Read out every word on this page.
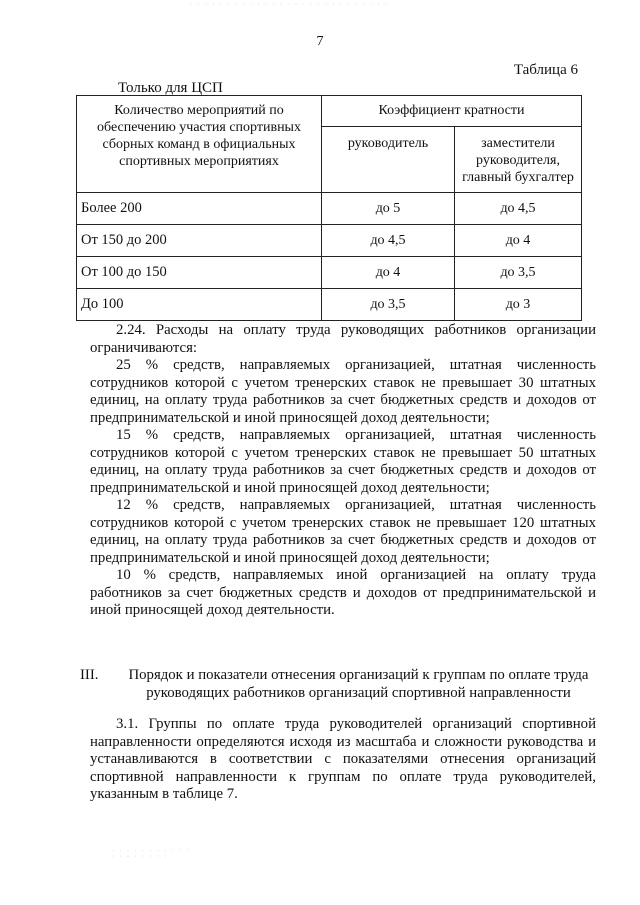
· · · · · · · · · · · · · · · · · · · · · · · · · · ·
7
Таблица 6
Только для ЦСП
Количество мероприятий по обеспечению участия спортивных сборных команд в официальных спортивных мероприятиях	Коэффициент кратности	
	руководитель	заместители руководителя, главный бухгалтер
Более 200	до 5	до 4,5
От 150 до 200	до 4,5	до 4
От 100 до 150	до 4	до 3,5
До 100	до 3,5	до 3

2.24. Расходы на оплату труда руководящих работников организации ограничиваются:

25 % средств, направляемых организацией, штатная численность сотрудников которой с учетом тренерских ставок не превышает 30 штатных единиц, на оплату труда работников за счет бюджетных средств и доходов от предпринимательской и иной приносящей доход деятельности;

15 % средств, направляемых организацией, штатная численность сотрудников которой с учетом тренерских ставок не превышает 50 штатных единиц, на оплату труда работников за счет бюджетных средств и доходов от предпринимательской и иной приносящей доход деятельности;

12 % средств, направляемых организацией, штатная численность сотрудников которой с учетом тренерских ставок не превышает 120 штатных единиц, на оплату труда работников за счет бюджетных средств и доходов от предпринимательской и иной приносящей доход деятельности;

10 % средств, направляемых иной организацией на оплату труда работников за счет бюджетных средств и доходов от предпринимательской и иной приносящей доход деятельности.

III.	Порядок и показатели отнесения организаций к группам по оплате труда руководящих работников организаций спортивной направленности

3.1. Группы по оплате труда руководителей организаций спортивной направленности определяются исходя из масштаба и сложности руководства и устанавливаются в соответствии с показателями отнесения организаций спортивной направленности к группам по оплате труда руководителей, указанным в таблице 7.

· · · · · · · · · · ·
· · · · · · · ·
